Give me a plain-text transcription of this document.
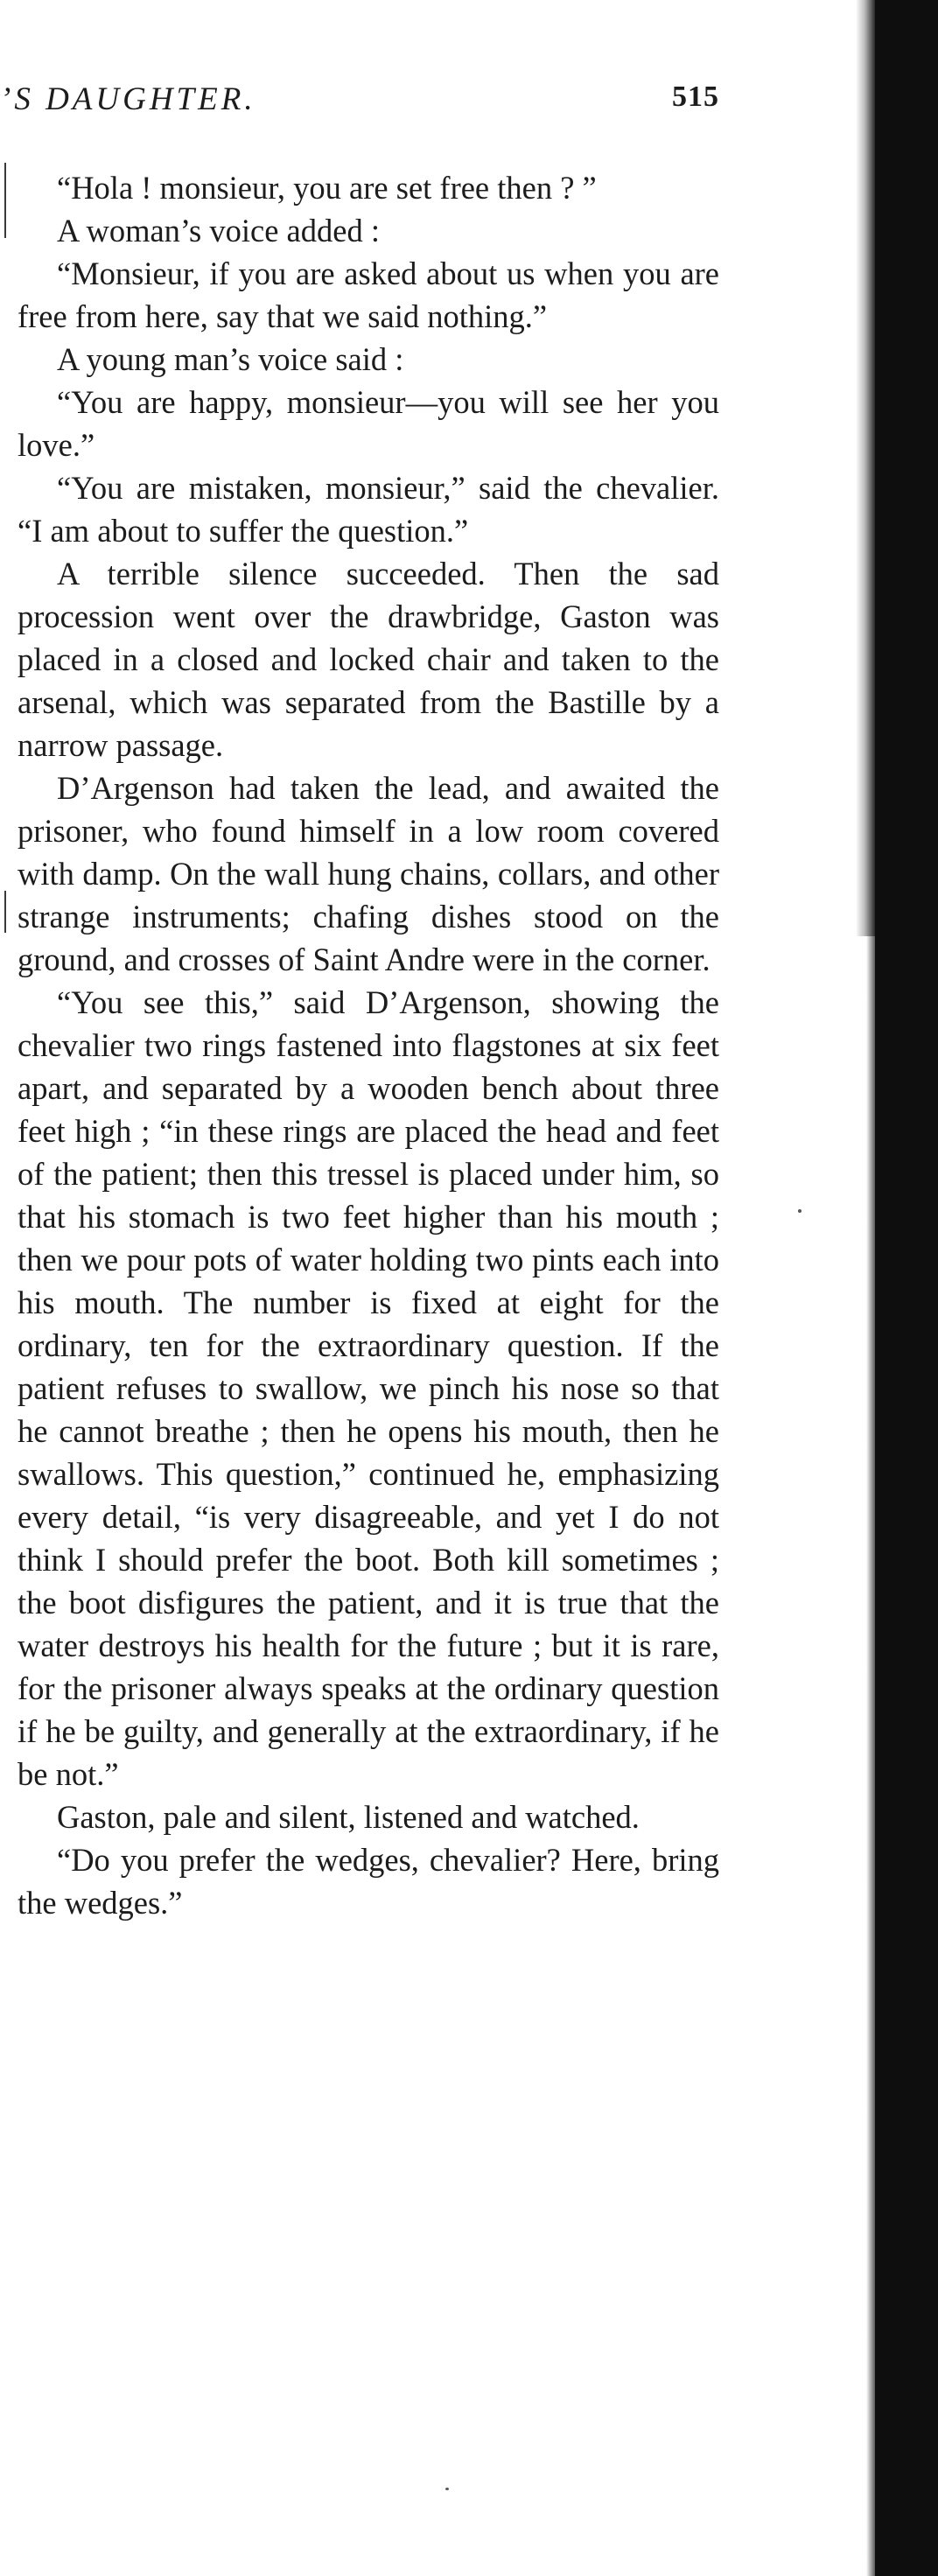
’S DAUGHTER.	515

“Hola ! monsieur, you are set free then ? ”

A woman’s voice added :

“Monsieur, if you are asked about us when you are free from here, say that we said nothing.”

A young man’s voice said :

“You are happy, monsieur—you will see her you love.”

“You are mistaken, monsieur,” said the chevalier. “I am about to suffer the question.”

A terrible silence succeeded. Then the sad procession went over the drawbridge, Gaston was placed in a closed and locked chair and taken to the arsenal, which was separated from the Bastille by a narrow passage.

D’Argenson had taken the lead, and awaited the prisoner, who found himself in a low room covered with damp. On the wall hung chains, collars, and other strange instruments; chafing dishes stood on the ground, and crosses of Saint Andre were in the corner.

“You see this,” said D’Argenson, showing the chevalier two rings fastened into flagstones at six feet apart, and separated by a wooden bench about three feet high ; “in these rings are placed the head and feet of the patient; then this tressel is placed under him, so that his stomach is two feet higher than his mouth ; then we pour pots of water holding two pints each into his mouth. The number is fixed at eight for the ordinary, ten for the extraordinary question. If the patient refuses to swallow, we pinch his nose so that he cannot breathe ; then he opens his mouth, then he swallows. This question,” continued he, emphasizing every detail, “is very disagreeable, and yet I do not think I should prefer the boot. Both kill sometimes ; the boot disfigures the patient, and it is true that the water destroys his health for the future ; but it is rare, for the prisoner always speaks at the ordinary question if he be guilty, and generally at the extraordinary, if he be not.”

Gaston, pale and silent, listened and watched.

“Do you prefer the wedges, chevalier? Here, bring the wedges.”
